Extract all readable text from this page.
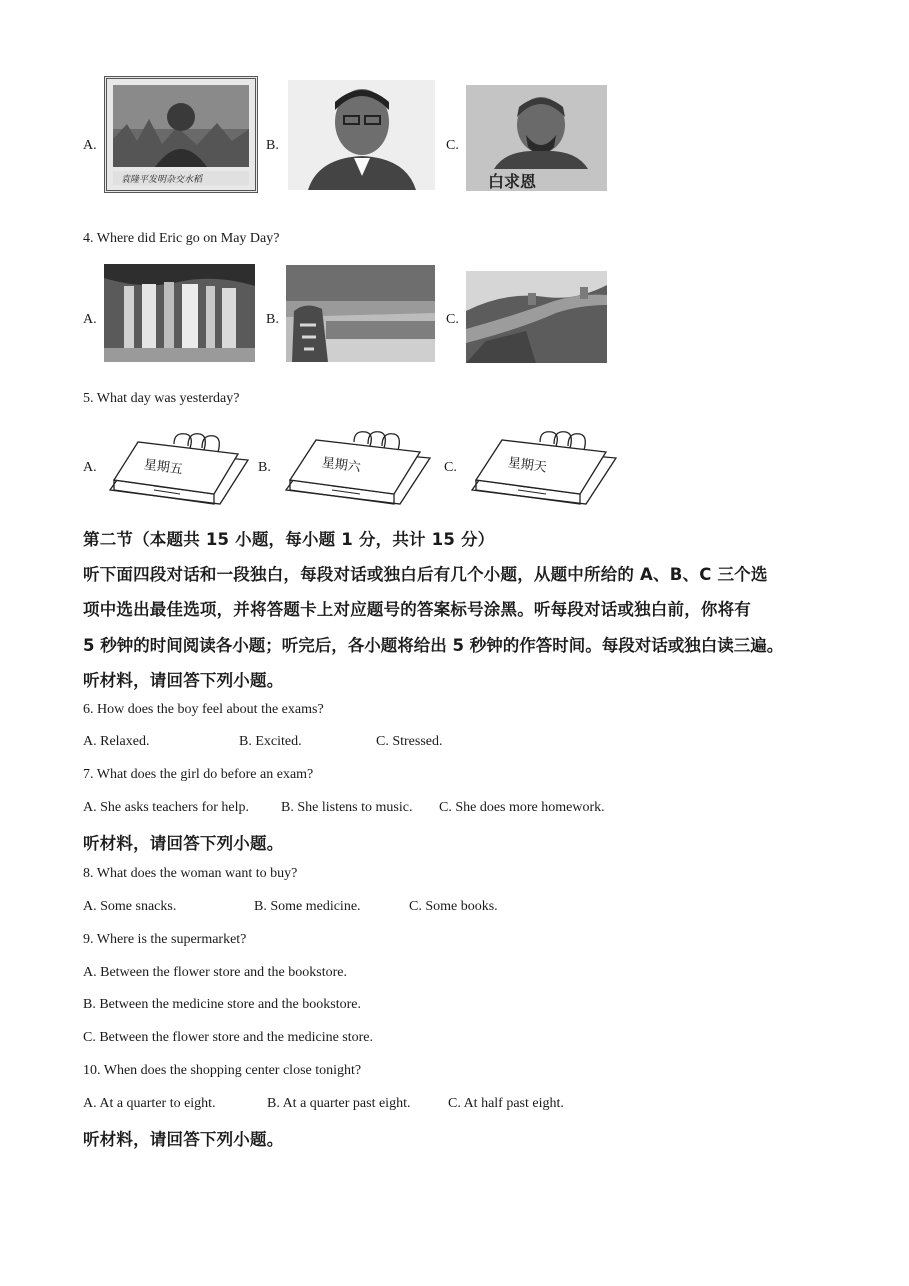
A.
袁隆平发明杂交水稻
B.	C.
白求恩
4. Where did Eric go on May Day?
A.	B.	C.
5. What day was yesterday?
A.	星期五	B.	星期六	C.	星期天
第二节（本题共 15 小题，每小题 1 分，共计 15 分）
听下面四段对话和一段独白，每段对话或独白后有几个小题，从题中所给的 A、B、C 三个选
项中选出最佳选项，并将答题卡上对应题号的答案标号涂黑。听每段对话或独白前，你将有
5 秒钟的时间阅读各小题；听完后，各小题将给出 5 秒钟的作答时间。每段对话或独白读三遍。
听材料，请回答下列小题。
6. How does the boy feel about the exams?
A. Relaxed.	B. Excited.	C. Stressed.
7. What does the girl do before an exam?
A. She asks teachers for help. B. She listens to music. C. She does more homework.
听材料，请回答下列小题。
8. What does the woman want to buy?
A. Some snacks.	B. Some medicine.	C. Some books.
9. Where is the supermarket?
A. Between the flower store and the bookstore.
B. Between the medicine store and the bookstore.
C. Between the flower store and the medicine store.
10. When does the shopping center close tonight?
A. At a quarter to eight.	B. At a quarter past eight.	C. At half past eight.
听材料，请回答下列小题。
